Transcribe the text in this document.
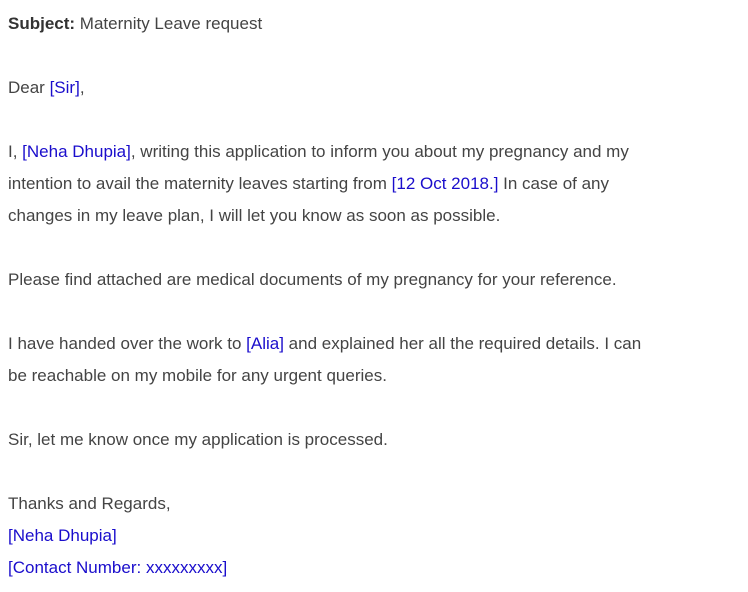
Subject: Maternity Leave request
Dear [Sir],
I, [Neha Dhupia], writing this application to inform you about my pregnancy and my
intention to avail the maternity leaves starting from [12 Oct 2018.] In case of any
changes in my leave plan, I will let you know as soon as possible.
Please find attached are medical documents of my pregnancy for your reference.
I have handed over the work to [Alia] and explained her all the required details. I can
be reachable on my mobile for any urgent queries.
Sir, let me know once my application is processed.
Thanks and Regards,
[Neha Dhupia]
[Contact Number: xxxxxxxxx]
